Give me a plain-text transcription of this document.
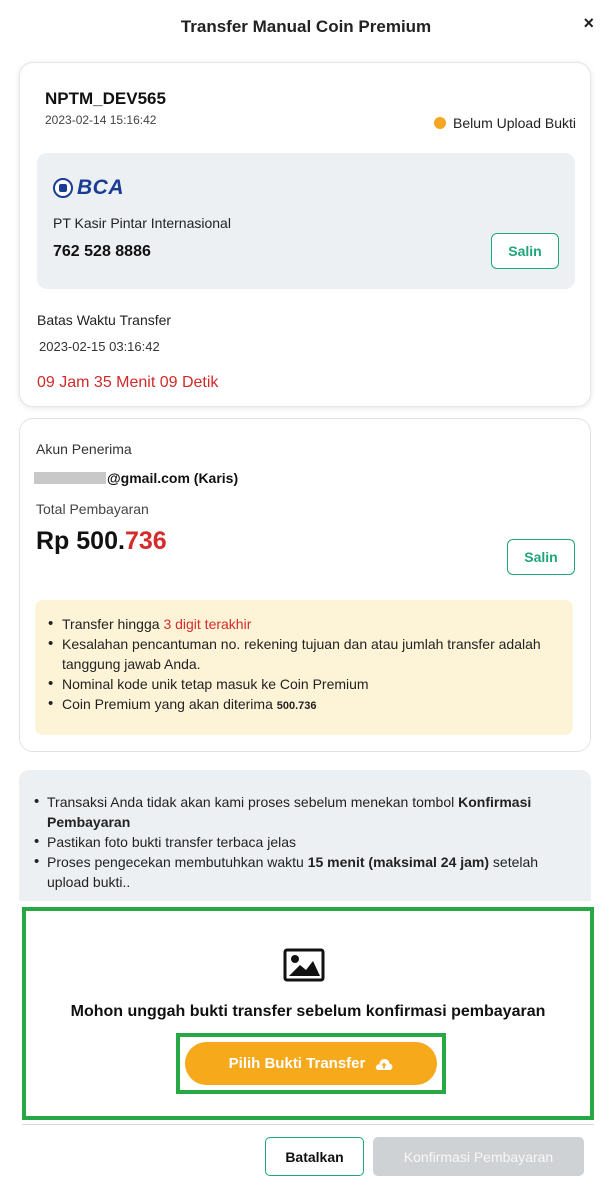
Transfer Manual Coin Premium	×
NPTM_DEV565
2023-02-14 15:16:42	Belum Upload Bukti
BCA
PT Kasir Pintar Internasional
762 528 8886	Salin
Batas Waktu Transfer
2023-02-15 03:16:42
09 Jam 35 Menit 09 Detik
Akun Penerima
@gmail.com (Karis)
Total Pembayaran
Rp 500.736
Salin
• Transfer hingga 3 digit terakhir
• Kesalahan pencantuman no. rekening tujuan dan atau jumlah transfer adalah tanggung jawab Anda.
• Nominal kode unik tetap masuk ke Coin Premium
• Coin Premium yang akan diterima 500.736
• Transaksi Anda tidak akan kami proses sebelum menekan tombol Konfirmasi Pembayaran
• Pastikan foto bukti transfer terbaca jelas
• Proses pengecekan membutuhkan waktu 15 menit (maksimal 24 jam) setelah upload bukti..
Mohon unggah bukti transfer sebelum konfirmasi pembayaran
Pilih Bukti Transfer
Batalkan	Konfirmasi Pembayaran
